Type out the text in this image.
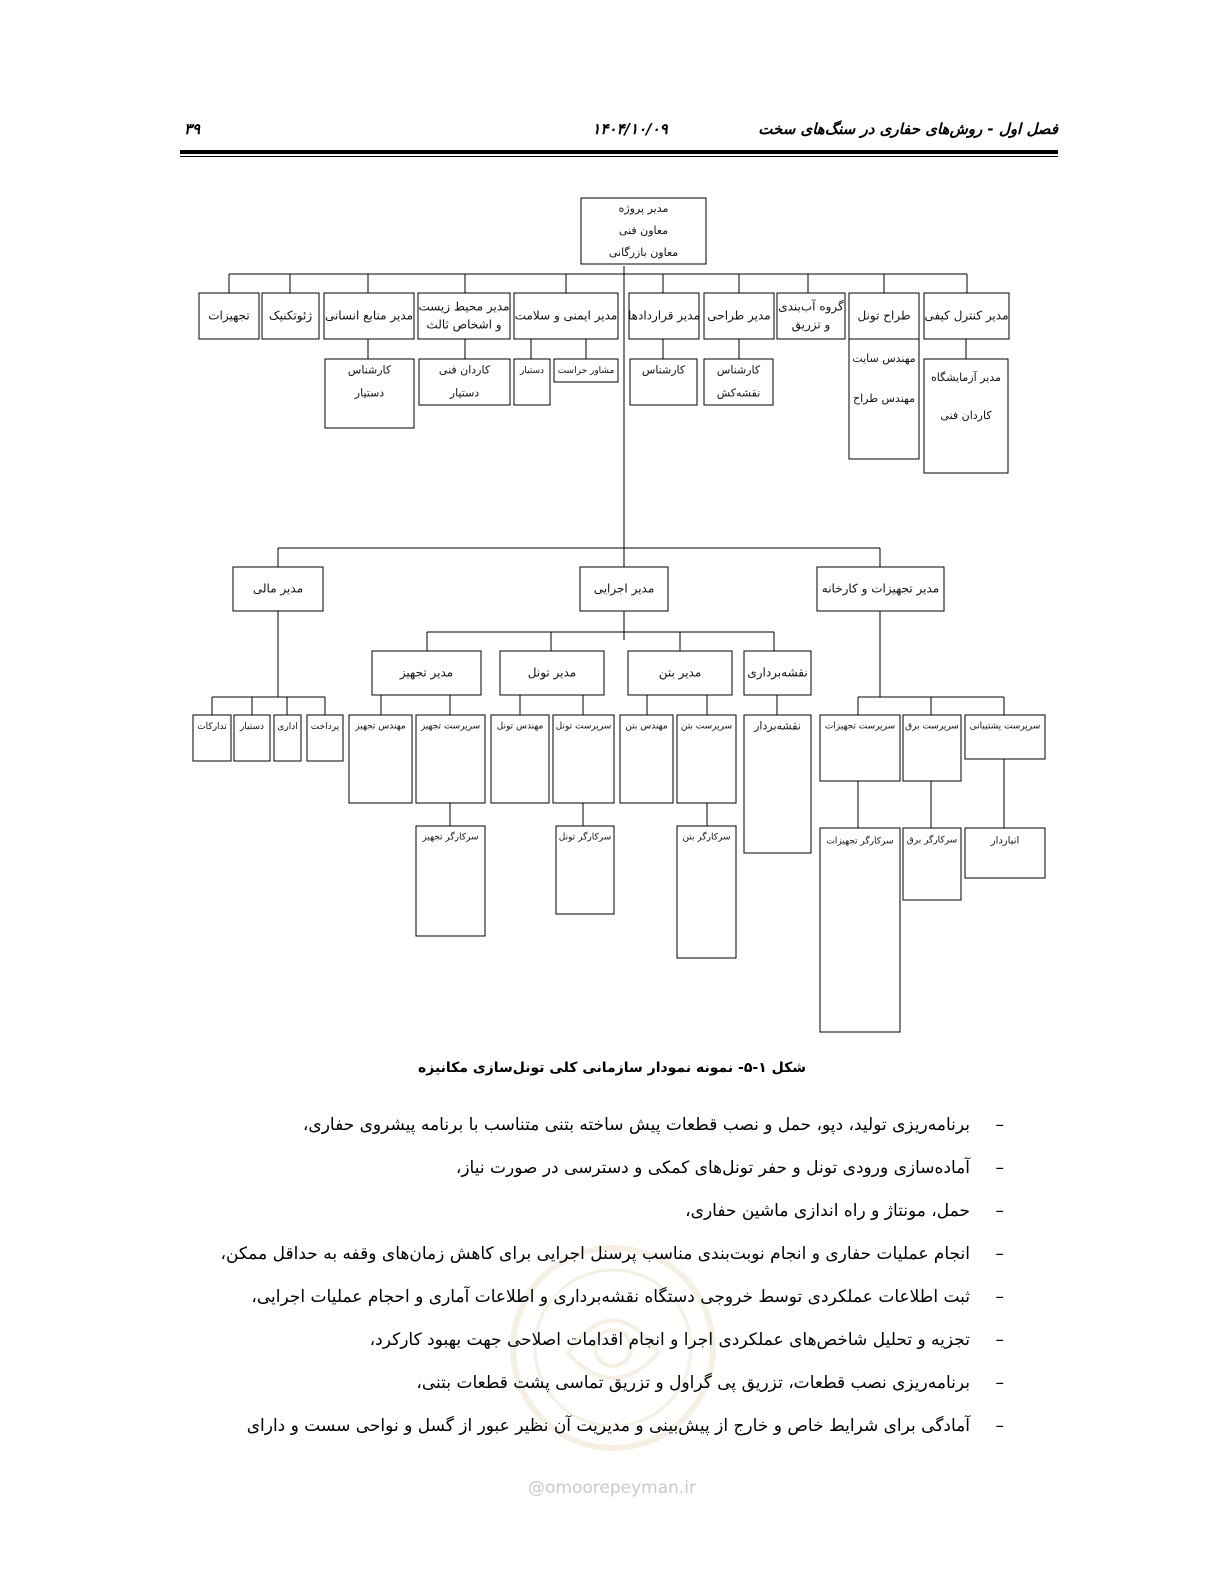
فصل اول - روش‌های حفاری در سنگ‌های سخت
۱۴۰۴/۱۰/۰۹
۳۹
مدیر پروژه
معاون فنی
معاون بازرگانی
تجهیزات ژئوتکنیک مدیر منابع انسانی
مدیر محیط زیست
و اشخاص ثالث
مدیر ایمنی و سلامت مدیر قراردادها مدیر طراحی
گروه آب‌بندی
و تزریق
طراح تونل مدیر کنترل کیفی
کارشناس
دستیار
کاردان فنی
دستیار
دستیار مشاور حراست	کارشناس	کارشناس
نقشه‌کش
مهندس سایت
مهندس طراح
مدیر آزمایشگاه
کاردان فنی
مدیر مالی	مدیر اجرایی	مدیر تجهیزات و کارخانه
تدارکات دستیار اداری پرداخت
مدیر تجهیز	مدیر تونل	مدیر بتن	نقشه‌برداری
مهندس تجهیز سرپرست تجهیز
سرکارگر تجهیز
مهندس تونل سرپرست تونل
سرکارگر تونل
مهندس بتن سرپرست بتن
سرکارگر بتن
نقشه‌بردار	سرپرست تجهیزات سرپرست برق سرپرست پشتیبانی
سرکارگر تجهیزات سرکارگر برق	انباردار
شکل ۱-۵- نمونه نمودار سازمانی کلی تونل‌سازی مکانیزه
@omoorepeyman.ir
–برنامه‌ریزی تولید، دپو، حمل و نصب قطعات پیش ساخته بتنی متناسب با برنامه پیشروی حفاری،
–آماده‌سازی ورودی تونل و حفر تونل‌های کمکی و دسترسی در صورت نیاز،
–حمل، مونتاژ و راه اندازی ماشین حفاری،
–انجام عملیات حفاری و انجام نوبت‌بندی مناسب پرسنل اجرایی برای کاهش زمان‌های وقفه به حداقل ممکن،
–ثبت اطلاعات عملکردی توسط خروجی دستگاه نقشه‌برداری و اطلاعات آماری و احجام عملیات اجرایی،
–تجزیه و تحلیل شاخص‌های عملکردی اجرا و انجام اقدامات اصلاحی جهت بهبود کارکرد،
–برنامه‌ریزی نصب قطعات، تزریق پی گراول و تزریق تماسی پشت قطعات بتنی،
–آمادگی برای شرایط خاص و خارج از پیش‌بینی و مدیریت آن نظیر عبور از گسل و نواحی سست و دارای
